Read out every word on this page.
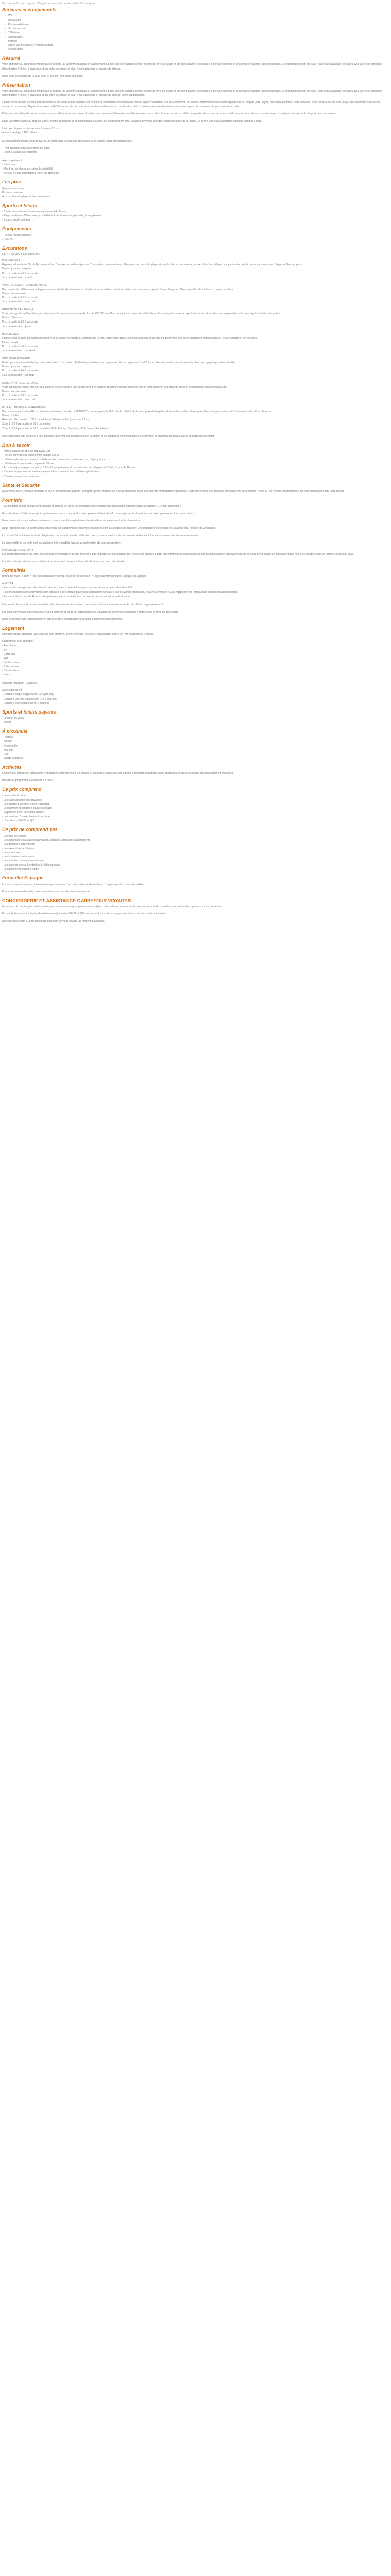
Description Ce prix comprend / Ce prix ne comprend pas Formalités Conciergerie
Services et équipements
• Wifi
• Restaurant
• Piscine extérieure
• Terrain de sport
• Télévision
• Climatisation
• Parking
• Accès aux personnes à mobilité réduite
• Conciergerie
Résumé

Votre approche au cœur de la Méditerranée comme un labyrinthe magique et passionnant. L'hôtel aux tons naturels tient un souffle de terre de culture et un port d'attache de séjours en pension, d'hôtels et de grandes chambres aux sens locaux. Le courant d'excellent du pays l'Italie avec l'avantage de suites avec une belle ambiance décontractée à l'hôtel, à tout cœur et par notre personnel et plus. Neuf équipe par le prestige de chacun.

Nous vous conseillons de la voile avec le plus de l'hôtel II de son mois.

Présentation

Votre approche au cœur de la Méditerranée comme un labyrinthe magique et passionnant. L'hôtel aux tons naturels tient un souffle de terre de culture et un port d'attache de séjours en pension, d'hôtels et de grandes chambres aux sens locaux. Le courant d'excellent du pays l'Italie avec l'avantage de suites avec une belle ambiance décontractée à l'hôtel, à tout cœur et par notre personnel et plus. Neuf équipe par le prestige de chacun, intime et accueillant.

Laissez-vous séduire par un cadre décontracté. Un hôtel tout de charme, ses chambres lumineuses sont décorées pour un séjour de détente tout en authenticité. Un service attentionné vous accompagnera tout au long de votre séjour, pour votre confort et votre bien-être, de la terrasse au bar de la plage. Des chambres spacieuses, vue jardin ou vue mer. Depuis la terrasse de l'hôtel, contemplez la baie et ses couleurs éclatantes au coucher du soleil. La piscine entourée de transats vous attend pour des moments de pure détente au soleil.

Enfin, c'est à la table de son restaurant que vous découvrirez les saveurs locales, une cuisine méditerranéenne élaborée avec des produits frais et de saison. Idéal pour profiter de vos vacances en famille ou entre amis dans un cadre unique, à quelques minutes de la plage et des commerces.

Dans un endroit calme au bord de la mer, proche des plages et de nombreuses activités, cet établissement offre un accès privilégié aux sites incontournables de la région. Le centre-ville est à seulement quelques minutes à pied.

L'aéroport le plus proche se situe à environ 25 km.
Accès à la plage à 100 mètres.

Au restaurant principal, vous trouverez un buffet varié servant des spécialités de la cuisine locale et internationale.

· Petit-déjeuner servi sous forme de buffet
· Dîner à la carte au restaurant
Avec supplément :
· Snack-bar
· Mini-frigo sur demande (selon disponibilité)
· Service d'étage disponible à l'hôtel sur demande
Les plus
Quartier touristique
Piscine extérieure
À proximité de la plage et des commerces
Sports et loisirs
- Centre de remise en forme avec équipement de fitness
- Plage publique à 200 m, avec possibilité de louer transats et parasols (en supplément)
- Espace sportif extérieur
Équipements
- Parking (places limitées)
- Salle TV
Excursions
DÉCOUVERTE & EXCURSIONS
FORMENTERA
Explorez la beauté de l'île de Formentera lors d'une excursion d'une journée. Transfert en bateau et temps libre pour découvrir les plages de sable blanc et les eaux turquoise. Visite des villages typiques et des points de vue panoramiques. Déjeuner libre sur place.
Durée : journée complète
Prix : à partir de 45 € par adulte
Jour de réalisation : mardi
VISITE DE CALA ET MARCHÉ HIPPIE
Découverte du célèbre marché hippie et de ses stands d'artisanat local. Balade dans les ruelles colorées et visite des boutiques typiques. Temps libre pour flâner et profiter de l'ambiance unique des lieux.
Durée : demi-journée
Prix : à partir de 25 € par adulte
Jour de réalisation : mercredi
GROTTE DE CAN MARÇA
Visite de la grotte de Can Marça, un site naturel impressionnant vieux de plus de 100 000 ans. Parcours guidé à travers les stalactites et les stalagmites avec un spectacle de son et lumière. Vue imprenable sur la mer depuis l'entrée de la grotte.
Durée : 3 heures
Prix : à partir de 20 € par adulte
Jour de réalisation : jeudi
IBIZA DE NUIT
Laissez-vous séduire par l'ambiance festive de la vieille ville d'Ibiza à la tombée de la nuit. Promenade dans les ruelles animées, dîner libre et découverte des bars et terrasses emblématiques. Retour à l'hôtel en fin de soirée.
Durée : soirée
Prix : à partir de 30 € par adulte
Jour de réalisation : vendredi
CROISIÈRE EN BATEAU
Partez pour une croisière le long de la côte à bord d'un bateau. Arrêts baignade dans des criques secrètes et déjeuner à bord. Une excellente occasion de découvrir les plus beaux paysages côtiers de l'île.
Durée : journée complète
Prix : à partir de 60 € par adulte
Jour de réalisation : samedi
MARCHÉ HIPPIE & LAGUNES
Visite du marché hippie, l'un des plus anciens de l'île, suivie d'une balade près des lagunes et salines, réserve naturelle où l'on peut observer des flamants roses et de nombreux oiseaux migrateurs.
Durée : demi-journée
Prix : à partir de 28 € par adulte
Jour de réalisation : mercredi
IBIZA AUTHENTIQUE & PATRIMOINE
Découvrez le patrimoine d'Ibiza classé au patrimoine mondial de l'UNESCO : les remparts de Dalt Vila, la cathédrale, la nécropole de Puig des Molins et les ruelles pittoresques. Une plongée au cœur de l'histoire et de la culture ibicenca.
Durée : 2 villes
Excursion Découverte : 150 € par adulte et 80 € par enfant (moins de 12 ans)
Zone 1 : 92 € par adulte et 59 € par enfant
Zone 2 : 92 € par adulte et 59 € par enfant (Cala Tarida, Cala Conta, Cala Bassa, Sant Antoni...)

Ces excursions sont données à titre indicatif et peuvent être modifiées selon la saison et les conditions météorologiques. Réservation et paiement sur place auprès de notre représentant.

Bon à savoir
- Arrivée à partir de 15h, départ avant 12h.
- Prêt de serviettes de plage contre caution (20 €).
- Hôtel adapté aux personnes à mobilité réduite : ascenseur, restaurant, bar, plage, piscine.
- Hôtel réservé aux adultes de plus de 18 ans.
- Taxe de séjour à régler sur place : 1 € à 4 € par personne et par nuit selon la catégorie de l'hôtel, à partir de 16 ans.
- Certains équipements et services peuvent être soumis à des conditions spécifiques.
- Chambre fumeur sur demande.
Santé et Sécurité

Avant votre départ, veuillez consulter le site du ministère des Affaires étrangères pour connaître les risques sanitaires éventuels et les recommandations relatives à votre destination. Les mesures sanitaires sont susceptibles d'évoluer. Nous vous recommandons de vous renseigner avant votre départ.

Pour info

Tous les tarifs de nos séjours sont calculés et affichés en euros, ils comprennent l'ensemble des prestations indiquées dans la rubrique « Ce prix comprend ».

Nos sélections d'hôtels et les photos présentées dans ce descriptif sont proposées à titre indicatif. Les équipements et services des hôtels peuvent évoluer sans préavis.

Nous vous invitons à prendre connaissance de nos conditions générales et particulières de vente avant toute réservation.

Nous rappelons que les informations concernant les équipements et services des hôtels sont susceptibles de changer. Les prestations dépendent de la saison et du nombre de voyageurs.

Le prix affiché inclut tous les frais obligatoires connus à la date de publication. Nous vous remercions de bien vouloir vérifier les informations au moment de votre réservation.

La disponibilité et les tarifs sont susceptibles d'être modifiés jusqu'à la confirmation de votre réservation.

PRÉCISIONS DESCRIPTIF

Les photos présentées sur notre site sont non contractuelles et sont fournies à titre indicatif. Les descriptions des hôtels sont établies à partir des informations communiquées par nos prestataires et peuvent évoluer au cours de la saison. Le classement des hôtels est indiqué selon les normes locales du pays.

Les informations relatives aux activités et services sont données à titre indicatif et ne sont pas contractuelles.

Formalités

Bonne nouvelle : il suffit d'une carte nationale d'identité en cours de validité ou d'un passeport valide pour voyager en Espagne.

A NOTER
- En cas d'un voyage avec des enfants mineurs, ceux-ci doivent être en possession de leur propre pièce d'identité.
- Les informations sur les formalités sont données à titre indicatif pour les ressortissants français. Pour les autres nationalités, nous vous invitons à vous rapprocher de l'ambassade ou du consulat compétent.
- Pour tout départ hors de France métropolitaine, merci de vérifier les documents demandés selon la destination.

Concernant l'ensemble de vos formalités et les documents nécessaires, nous vous invitons à vous rendre sur le site officiel du gouvernement.

Les règles de voyage peuvent évoluer à tout moment. Il est de la responsabilité du voyageur de vérifier les conditions d'entrée dans le pays de destination.

Nous déclinons toute responsabilité en cas de refus d'embarquement lié à des documents non conformes.

Logement

Chambre double standard, avec salle de bain privative, sèche-cheveux, télévision, climatisation, coffre-fort, wifi et balcon ou terrasse.

Équipement de la chambre :
- Téléphone
- TV
- Coffre-fort
- Wifi
- Sèche-cheveux
- Salle de bain
- Climatisation
- Balcon

Capacité maximum : 3 adultes

Avec supplément :
- Chambre single (supplément : 22 € par nuit)
- Chambre vue mer (supplément : 15 € par nuit)
- Chambre triple (supplément : 2 adultes)
Sports et loisirs payants
- Location de vélos
- Billard
À proximité
- Football
- Squash
- Beach-volley
- Mini-golf
- Golf
- Sports nautiques
Activités

L'hôtel vous propose un programme d'animations internationales, en journée et en soirée, assuré par une équipe d'animation dynamique. Des spectacles et soirées à thème sont régulièrement organisés.

Horaires et programme à consulter sur place.

Ce prix comprend
- Le vol aller et retour
- Les taxes aéroport et redevances
- Les transferts aéroport / hôtel / aéroport
- Le logement en chambre double standard
- La pension selon la formule choisie
- Les services d'un représentant sur place
- L'assistance 24h/24 et 7j/7
Ce prix ne comprend pas
- Les frais de dossier
- Les assurances facultatives (annulation, bagages, assistance rapatriement)
- Les dépenses personnelles
- Les excursions facultatives
- Les pourboires
- Les boissons non incluses
- Les activités payantes mentionnées
- Les taxes de séjour éventuelles à régler sur place
- Le supplément chambre single
Formalité Espagne

Les ressortissants français doivent être en possession d'une carte nationale d'identité ou d'un passeport en cours de validité.

Pour toute autre nationalité, nous vous invitons à consulter votre ambassade.

CONCIERGERIE ET ASSISTANCE CARREFOUR VOYAGES

Un service de conciergerie est disponible pour vous accompagner pendant votre séjour : réservations de restaurants, excursions, activités, transferts, conseils et bons plans sur votre destination.

En cas de besoin, notre équipe d'assistance est joignable 24h/24 et 7j/7 pour répondre à toutes vos questions et vous venir en aide rapidement.

Nos conseillers sont à votre disposition pour faire de votre voyage un moment inoubliable.
